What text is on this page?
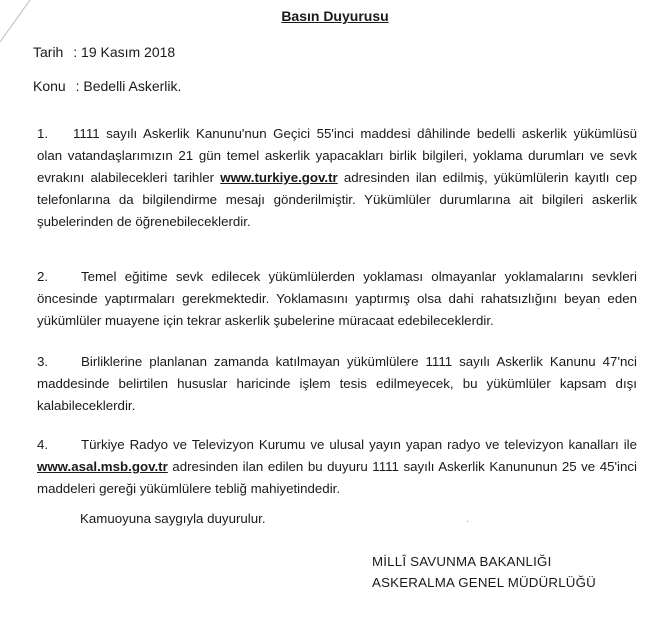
Basın Duyurusu
Tarih : 19 Kasım 2018
Konu : Bedelli Askerlik.
1. 1111 sayılı Askerlik Kanunu'nun Geçici 55'inci maddesi dâhilinde bedelli askerlik yükümlüsü olan vatandaşlarımızın 21 gün temel askerlik yapacakları birlik bilgileri, yoklama durumları ve sevk evrakını alabilecekleri tarihler www.turkiye.gov.tr adresinden ilan edilmiş, yükümlülerin kayıtlı cep telefonlarına da bilgilendirme mesajı gönderilmiştir. Yükümlüler durumlarına ait bilgileri askerlik şubelerinden de öğrenebileceklerdir.
2. Temel eğitime sevk edilecek yükümlülerden yoklaması olmayanlar yoklamalarını sevkleri öncesinde yaptırmaları gerekmektedir. Yoklamasını yaptırmış olsa dahi rahatsızlığını beyan eden yükümlüler muayene için tekrar askerlik şubelerine müracaat edebileceklerdir.
3. Birliklerine planlanan zamanda katılmayan yükümlülere 1111 sayılı Askerlik Kanunu 47'nci maddesinde belirtilen hususlar haricinde işlem tesis edilmeyecek, bu yükümlüler kapsam dışı kalabileceklerdir.
4. Türkiye Radyo ve Televizyon Kurumu ve ulusal yayın yapan radyo ve televizyon kanalları ile www.asal.msb.gov.tr adresinden ilan edilen bu duyuru 1111 sayılı Askerlik Kanununun 25 ve 45'inci maddeleri gereği yükümlülere tebliğ mahiyetindedir.
Kamuoyuna saygıyla duyurulur.
MİLLÎ SAVUNMA BAKANLIĞI
ASKERALMA GENEL MÜDÜRLÜĞÜ
·
·
